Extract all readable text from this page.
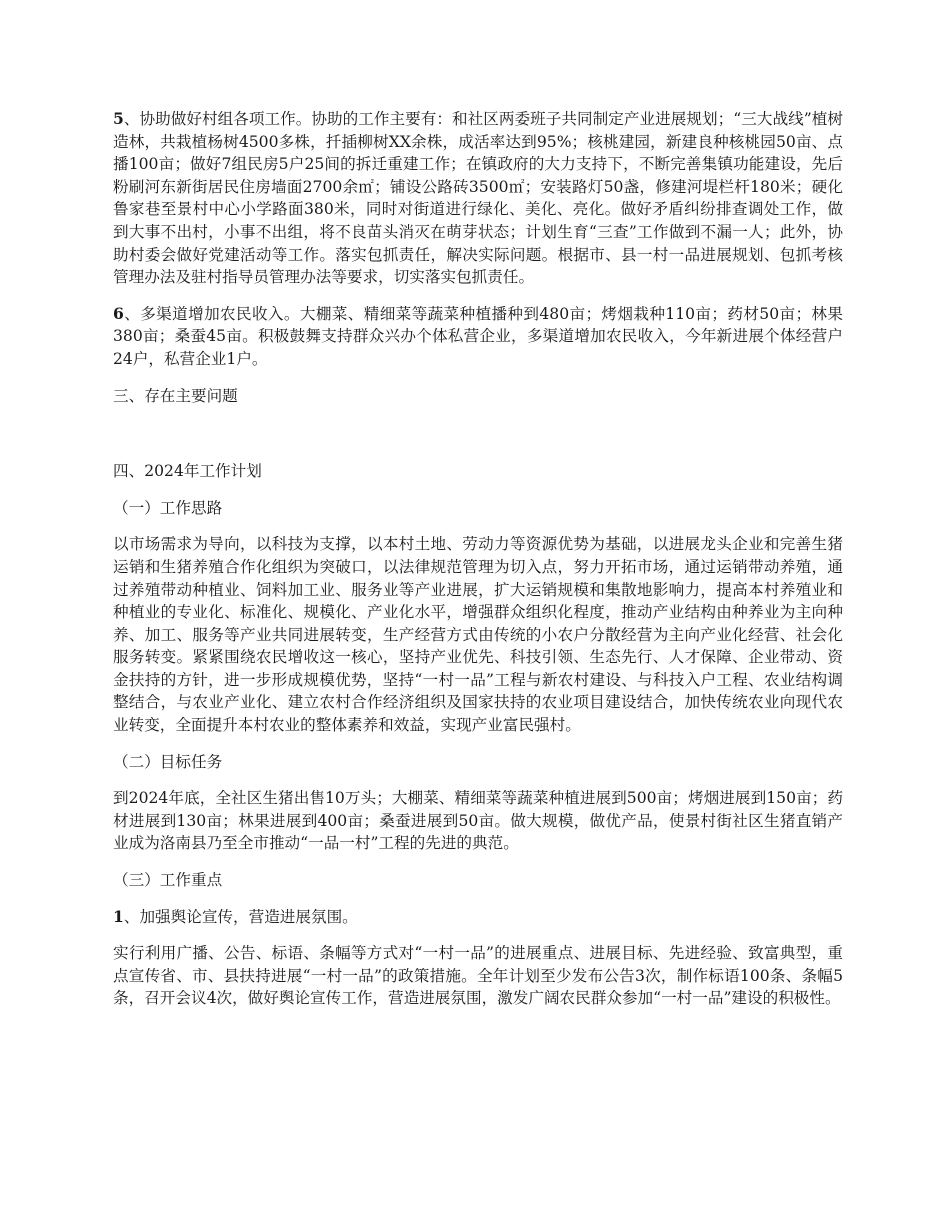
5、协助做好村组各项工作。协助的工作主要有：和社区两委班子共同制定产业进展规划；“三大战线”植树造林，共栽植杨树4500多株，扦插柳树XX余株，成活率达到95%；核桃建园，新建良种核桃园50亩、点播100亩；做好7组民房5户25间的拆迁重建工作；在镇政府的大力支持下，不断完善集镇功能建设，先后粉刷河东新街居民住房墙面2700余㎡；铺设公路砖3500㎡；安装路灯50盏，修建河堤栏杆180米；硬化鲁家巷至景村中心小学路面380米，同时对街道进行绿化、美化、亮化。做好矛盾纠纷排查调处工作，做到大事不出村，小事不出组，将不良苗头消灭在萌芽状态；计划生育“三查”工作做到不漏一人；此外，协助村委会做好党建活动等工作。落实包抓责任，解决实际问题。根据市、县一村一品进展规划、包抓考核管理办法及驻村指导员管理办法等要求，切实落实包抓责任。

6、多渠道增加农民收入。大棚菜、精细菜等蔬菜种植播种到480亩；烤烟栽种110亩；药材50亩；林果380亩；桑蚕45亩。积极鼓舞支持群众兴办个体私营企业，多渠道增加农民收入，今年新进展个体经营户24户，私营企业1户。

三、存在主要问题

四、2024年工作计划

（一）工作思路

以市场需求为导向，以科技为支撑，以本村土地、劳动力等资源优势为基础，以进展龙头企业和完善生猪运销和生猪养殖合作化组织为突破口，以法律规范管理为切入点，努力开拓市场，通过运销带动养殖，通过养殖带动种植业、饲料加工业、服务业等产业进展，扩大运销规模和集散地影响力，提高本村养殖业和种植业的专业化、标准化、规模化、产业化水平，增强群众组织化程度，推动产业结构由种养业为主向种养、加工、服务等产业共同进展转变，生产经营方式由传统的小农户分散经营为主向产业化经营、社会化服务转变。紧紧围绕农民增收这一核心，坚持产业优先、科技引领、生态先行、人才保障、企业带动、资金扶持的方针，进一步形成规模优势，坚持“一村一品”工程与新农村建设、与科技入户工程、农业结构调整结合，与农业产业化、建立农村合作经济组织及国家扶持的农业项目建设结合，加快传统农业向现代农业转变，全面提升本村农业的整体素养和效益，实现产业富民强村。

（二）目标任务

到2024年底，全社区生猪出售10万头；大棚菜、精细菜等蔬菜种植进展到500亩；烤烟进展到150亩；药材进展到130亩；林果进展到400亩；桑蚕进展到50亩。做大规模，做优产品，使景村街社区生猪直销产业成为洛南县乃至全市推动“一品一村”工程的先进的典范。

（三）工作重点

1、加强舆论宣传，营造进展氛围。

实行利用广播、公告、标语、条幅等方式对“一村一品”的进展重点、进展目标、先进经验、致富典型，重点宣传省、市、县扶持进展“一村一品”的政策措施。全年计划至少发布公告3次，制作标语100条、条幅5条，召开会议4次，做好舆论宣传工作，营造进展氛围，激发广阔农民群众参加“一村一品”建设的积极性。
